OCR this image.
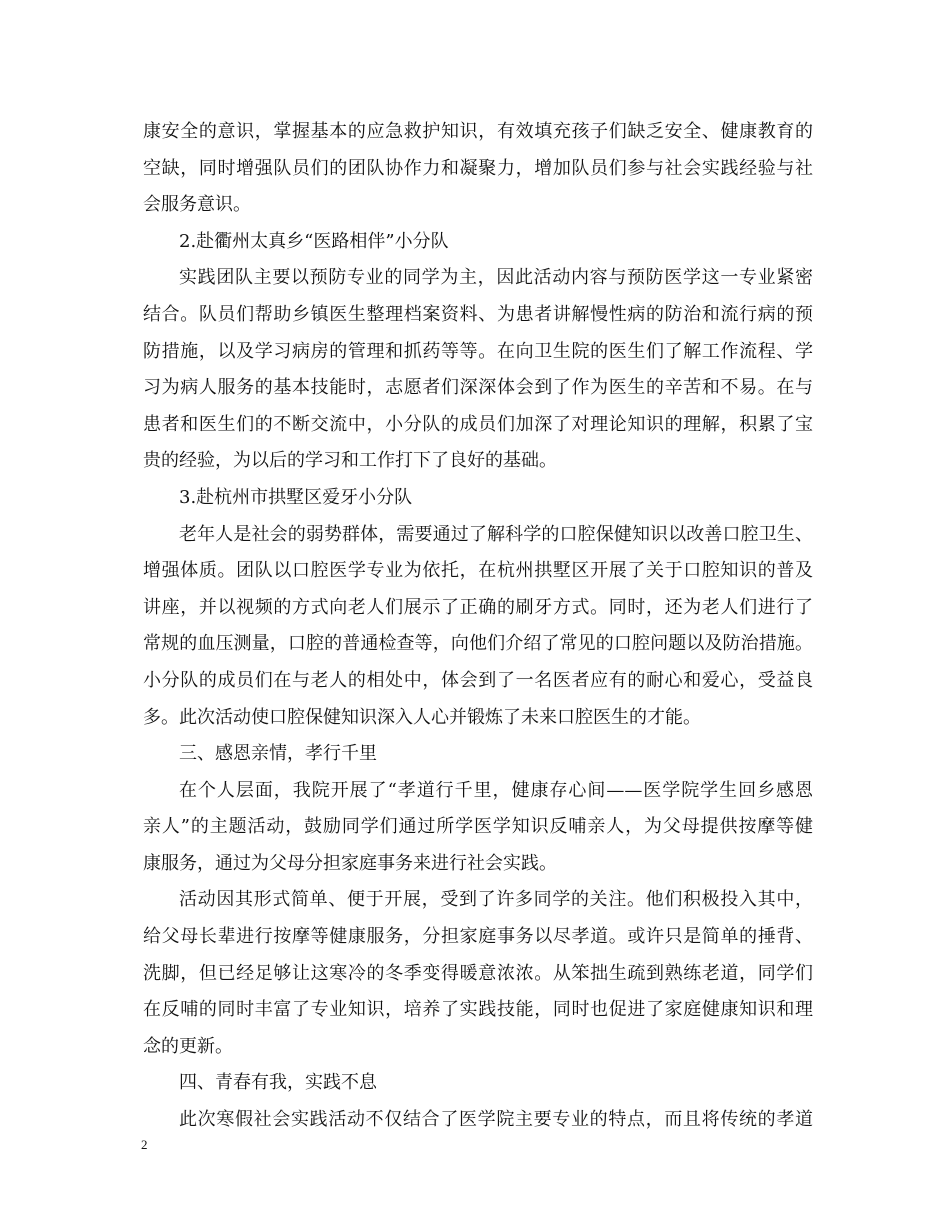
康安全的意识，掌握基本的应急救护知识，有效填充孩子们缺乏安全、健康教育的
空缺，同时增强队员们的团队协作力和凝聚力，增加队员们参与社会实践经验与社
会服务意识。
2.赴衢州太真乡“医路相伴”小分队
实践团队主要以预防专业的同学为主，因此活动内容与预防医学这一专业紧密
结合。队员们帮助乡镇医生整理档案资料、为患者讲解慢性病的防治和流行病的预
防措施，以及学习病房的管理和抓药等等。在向卫生院的医生们了解工作流程、学
习为病人服务的基本技能时，志愿者们深深体会到了作为医生的辛苦和不易。在与
患者和医生们的不断交流中，小分队的成员们加深了对理论知识的理解，积累了宝
贵的经验，为以后的学习和工作打下了良好的基础。
3.赴杭州市拱墅区爱牙小分队
老年人是社会的弱势群体，需要通过了解科学的口腔保健知识以改善口腔卫生、
增强体质。团队以口腔医学专业为依托，在杭州拱墅区开展了关于口腔知识的普及
讲座，并以视频的方式向老人们展示了正确的刷牙方式。同时，还为老人们进行了
常规的血压测量，口腔的普通检查等，向他们介绍了常见的口腔问题以及防治措施。
小分队的成员们在与老人的相处中，体会到了一名医者应有的耐心和爱心，受益良
多。此次活动使口腔保健知识深入人心并锻炼了未来口腔医生的才能。
三、感恩亲情，孝行千里
在个人层面，我院开展了“孝道行千里，健康存心间——医学院学生回乡感恩
亲人”的主题活动，鼓励同学们通过所学医学知识反哺亲人，为父母提供按摩等健
康服务，通过为父母分担家庭事务来进行社会实践。
活动因其形式简单、便于开展，受到了许多同学的关注。他们积极投入其中，
给父母长辈进行按摩等健康服务，分担家庭事务以尽孝道。或许只是简单的捶背、
洗脚，但已经足够让这寒冷的冬季变得暖意浓浓。从笨拙生疏到熟练老道，同学们
在反哺的同时丰富了专业知识，培养了实践技能，同时也促进了家庭健康知识和理
念的更新。
四、青春有我，实践不息
此次寒假社会实践活动不仅结合了医学院主要专业的特点，而且将传统的孝道
2
